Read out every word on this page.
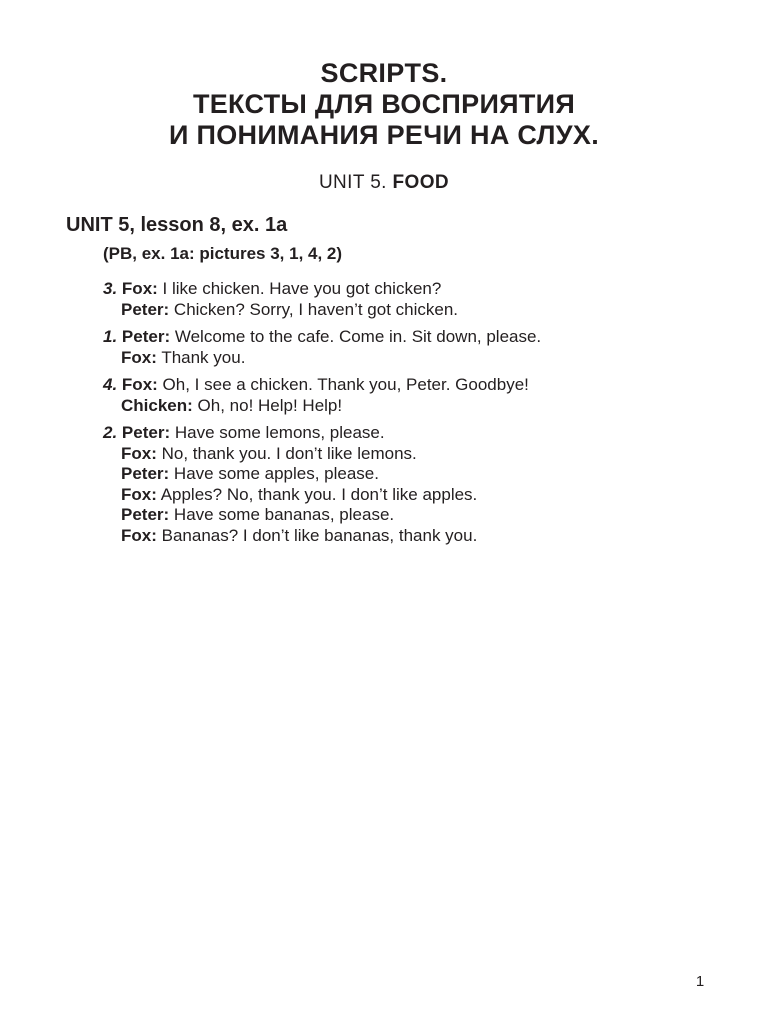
SCRIPTS.
ТЕКСТЫ ДЛЯ ВОСПРИЯТИЯ
И ПОНИМАНИЯ РЕЧИ НА СЛУХ.
UNIT 5. FOOD
UNIT 5, lesson 8, ex. 1a
(PB, ex. 1a: pictures 3, 1, 4, 2)
3. Fox: I like chicken. Have you got chicken?
Peter: Chicken? Sorry, I haven’t got chicken.
1. Peter: Welcome to the cafe. Come in. Sit down, please.
Fox: Thank you.
4. Fox: Oh, I see a chicken. Thank you, Peter. Goodbye!
Chicken: Oh, no! Help! Help!
2. Peter: Have some lemons, please.
Fox: No, thank you. I don’t like lemons.
Peter: Have some apples, please.
Fox: Apples? No, thank you. I don’t like apples.
Peter: Have some bananas, please.
Fox: Bananas? I don’t like bananas, thank you.
1
